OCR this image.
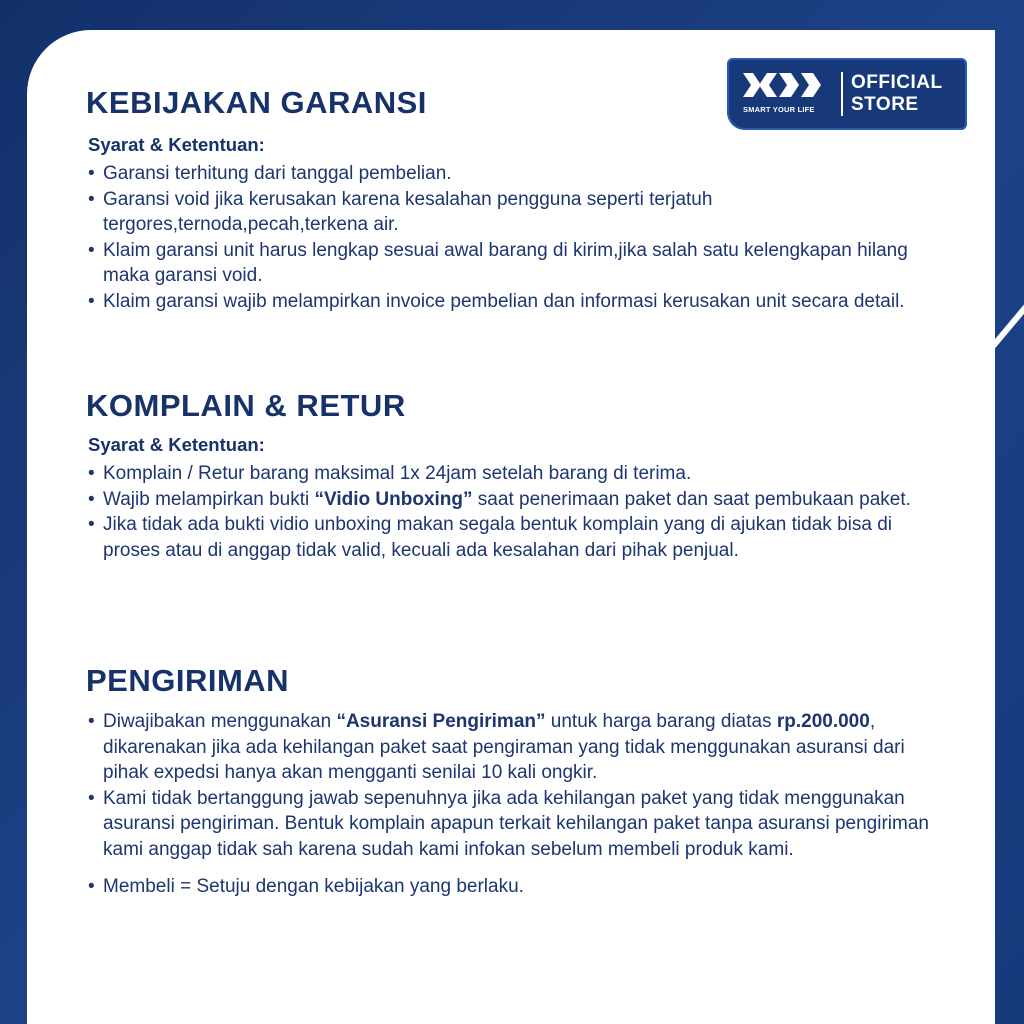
SMART YOUR LIFE
OFFICIAL
STORE
KEBIJAKAN GARANSI

Syarat & Ketentuan:

• Garansi terhitung dari tanggal pembelian.
• Garansi void jika kerusakan karena kesalahan pengguna seperti terjatuh tergores,ternoda,pecah,terkena air.
• Klaim garansi unit harus lengkap sesuai awal barang di kirim,jika salah satu kelengkapan hilang maka garansi void.
• Klaim garansi wajib melampirkan invoice pembelian dan informasi kerusakan unit secara detail.
KOMPLAIN & RETUR

Syarat & Ketentuan:

• Komplain / Retur barang maksimal 1x 24jam setelah barang di terima.
• Wajib melampirkan bukti “Vidio Unboxing” saat penerimaan paket dan saat pembukaan paket.
• Jika tidak ada bukti vidio unboxing makan segala bentuk komplain yang di ajukan tidak bisa di proses atau di anggap tidak valid, kecuali ada kesalahan dari pihak penjual.
PENGIRIMAN
• Diwajibakan menggunakan “Asuransi Pengiriman” untuk harga barang diatas rp.200.000, dikarenakan jika ada kehilangan paket saat pengiraman yang tidak menggunakan asuransi dari pihak expedsi hanya akan mengganti senilai 10 kali ongkir.
• Kami tidak bertanggung jawab sepenuhnya jika ada kehilangan paket yang tidak menggunakan asuransi pengiriman. Bentuk komplain apapun terkait kehilangan paket tanpa asuransi pengiriman kami anggap tidak sah karena sudah kami infokan sebelum membeli produk kami.
• Membeli = Setuju dengan kebijakan yang berlaku.
